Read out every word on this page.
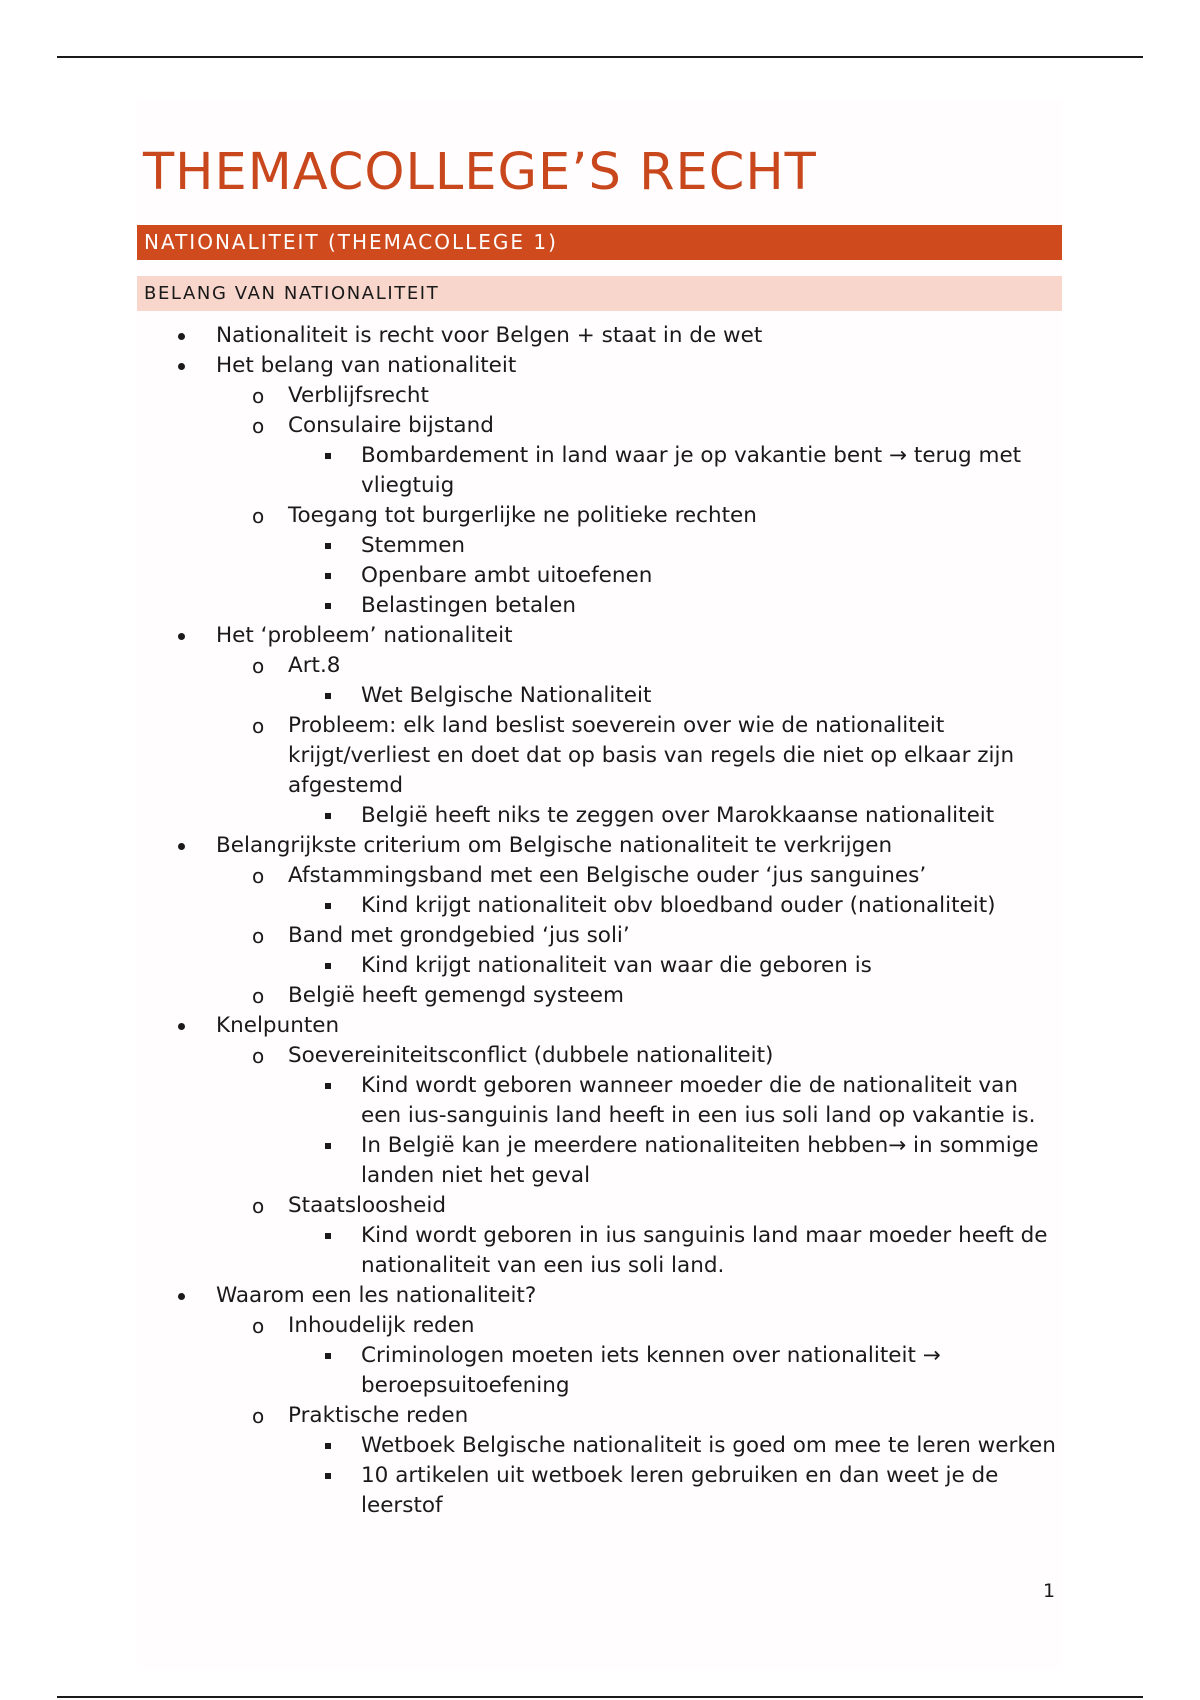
THEMACOLLEGE’S RECHT
NATIONALITEIT (THEMACOLLEGE 1)
BELANG VAN NATIONALITEIT
Nationaliteit is recht voor Belgen + staat in de wet
Het belang van nationaliteit
o Verblijfsrecht
o Consulaire bijstand
Bombardement in land waar je op vakantie bent → terug met vliegtuig
o Toegang tot burgerlijke ne politieke rechten
Stemmen
Openbare ambt uitoefenen
Belastingen betalen
Het ‘probleem’ nationaliteit
o Art.8
Wet Belgische Nationaliteit
o Probleem: elk land beslist soeverein over wie de nationaliteit krijgt/verliest en doet dat op basis van regels die niet op elkaar zijn afgestemd
België heeft niks te zeggen over Marokkaanse nationaliteit
Belangrijkste criterium om Belgische nationaliteit te verkrijgen
o Afstammingsband met een Belgische ouder ‘jus sanguines’
Kind krijgt nationaliteit obv bloedband ouder (nationaliteit)
o Band met grondgebied ‘jus soli’
Kind krijgt nationaliteit van waar die geboren is
o België heeft gemengd systeem
Knelpunten
o Soevereiniteitsconflict (dubbele nationaliteit)
Kind wordt geboren wanneer moeder die de nationaliteit van een ius-sanguinis land heeft in een ius soli land op vakantie is.
In België kan je meerdere nationaliteiten hebben→ in sommige landen niet het geval
o Staatsloosheid
Kind wordt geboren in ius sanguinis land maar moeder heeft de nationaliteit van een ius soli land.
Waarom een les nationaliteit?
o Inhoudelijk reden
Criminologen moeten iets kennen over nationaliteit → beroepsuitoefening
o Praktische reden
Wetboek Belgische nationaliteit is goed om mee te leren werken
10 artikelen uit wetboek leren gebruiken en dan weet je de leerstof
1
